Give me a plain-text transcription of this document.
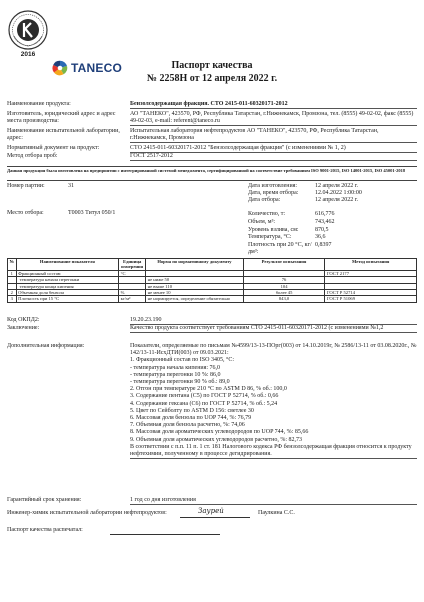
2016
TANECO	Паспорт качества
№ 2258Н от 12 апреля 2022 г.
Наименование продукта:	Бензолсодержащая фракция. СТО 2415-011-60320171-2012
Изготовитель, юридический адрес и адрес места производства:
АО "ТАНЕКО", 423570, РФ, Республика Татарстан, г.Нижнекамск, Промзона, тел. (8555) 49-02-02, факс (8555) 49-02-03, e-mail: referent@taneco.ru
Наименование испытательной лаборатории, адрес:
Испытательная лаборатория нефтепродуктов АО "ТАНЕКО", 423570, РФ, Республика Татарстан, г.Нижнекамск, Промзона
Нормативный документ на продукт:	СТО 2415-011-60320171-2012 "Бензолсодержащая фракция" (с изменениями № 1, 2)
Метод отбора проб:	ГОСТ 2517-2012
Данная продукция была изготовлена на предприятии с интегрированной системой менеджмента, сертифицированной на соответствие требованиям ISO 9001-2015, ISO 14001-2015, ISO 45001-2018
Номер партии:	31
Место отбора:	Т0003 Титул 050/1
Дата изготовления:	12 апреля 2022 г.
Дата, время отбора:	12.04.2022 1:00:00
Дата отбора:	12 апреля 2022 г.
Количество, т:	616,776
Объем, м³:	743,462
Уровень взлива, см:	870,5
Температура, °С:	36,6
Плотность при 20 °С, кг/дм³:
0,8397
№	Наименование показателя	Единица измерения	Норма по нормативному документу	Результат испытания	Метод испытания
1	Фракционный состав:	°С			ГОСТ 2177
	температура начала перегонки		не ниже 50	76	
	температура конца кипения		не выше 110	104	
2	Объемная доля бензола	%	не менее 10	более 45	ГОСТ Р 52714
3	Плотность при 15 °С	кг/м³	не нормируется, определение обязательно	843,0	ГОСТ Р 51069
Код ОКПД2:	19.20.23.190
Заключение:	Качество продукта соответствует требованиям СТО 2415-011-60320171-2012 (с изменениями №1,2
Дополнительная информация:	Показатели, определяемые по письмам №4599/13-13-ПОрг(003) от 14.10.2019г, № 2586/13-11 от 03.08.2020г., № 142/13-11-ИсхДТИ(003) от 09.03.2021:
1. Фракционный состав по ISO 3405, °С:
- температура начала кипения: 76,0
- температура перегонки 10 %: 86,0
- температура перегонки 90 % об.: 89,0
2. Отгон при температуре 210 °С по ASTM D 86, % об.: 100,0
3. Содержание пентана (С5) по ГОСТ Р 52714, % об.: 0,66
4. Содержание гексана (С6) по ГОСТ Р 52714, % об.: 5,24
5. Цвет по Сейболту по ASTM D 156: светлее 30
6. Массовая доля бензола по UOP 744, %: 76,79
7. Объемная доля бензола расчетно, %: 74,06
8. Массовая доля ароматических углеводородов по UOP 744, %: 85,66
9. Объемная доля ароматических углеводородов расчетно, %: 82,73
В соответствии с п.п. 11 п. 1 ст. 181 Налогового кодекса РФ бензолсодержащая фракция относится к продукту нефтехимии, полученному в процессе дегидрирования.
Гарантийный срок хранения:	1 год со дня изготовления
Инженер-химик испытательной лаборатории нефтепродуктов:	Заурей	Паулкина С.С.
Паспорт качества распечатал:
